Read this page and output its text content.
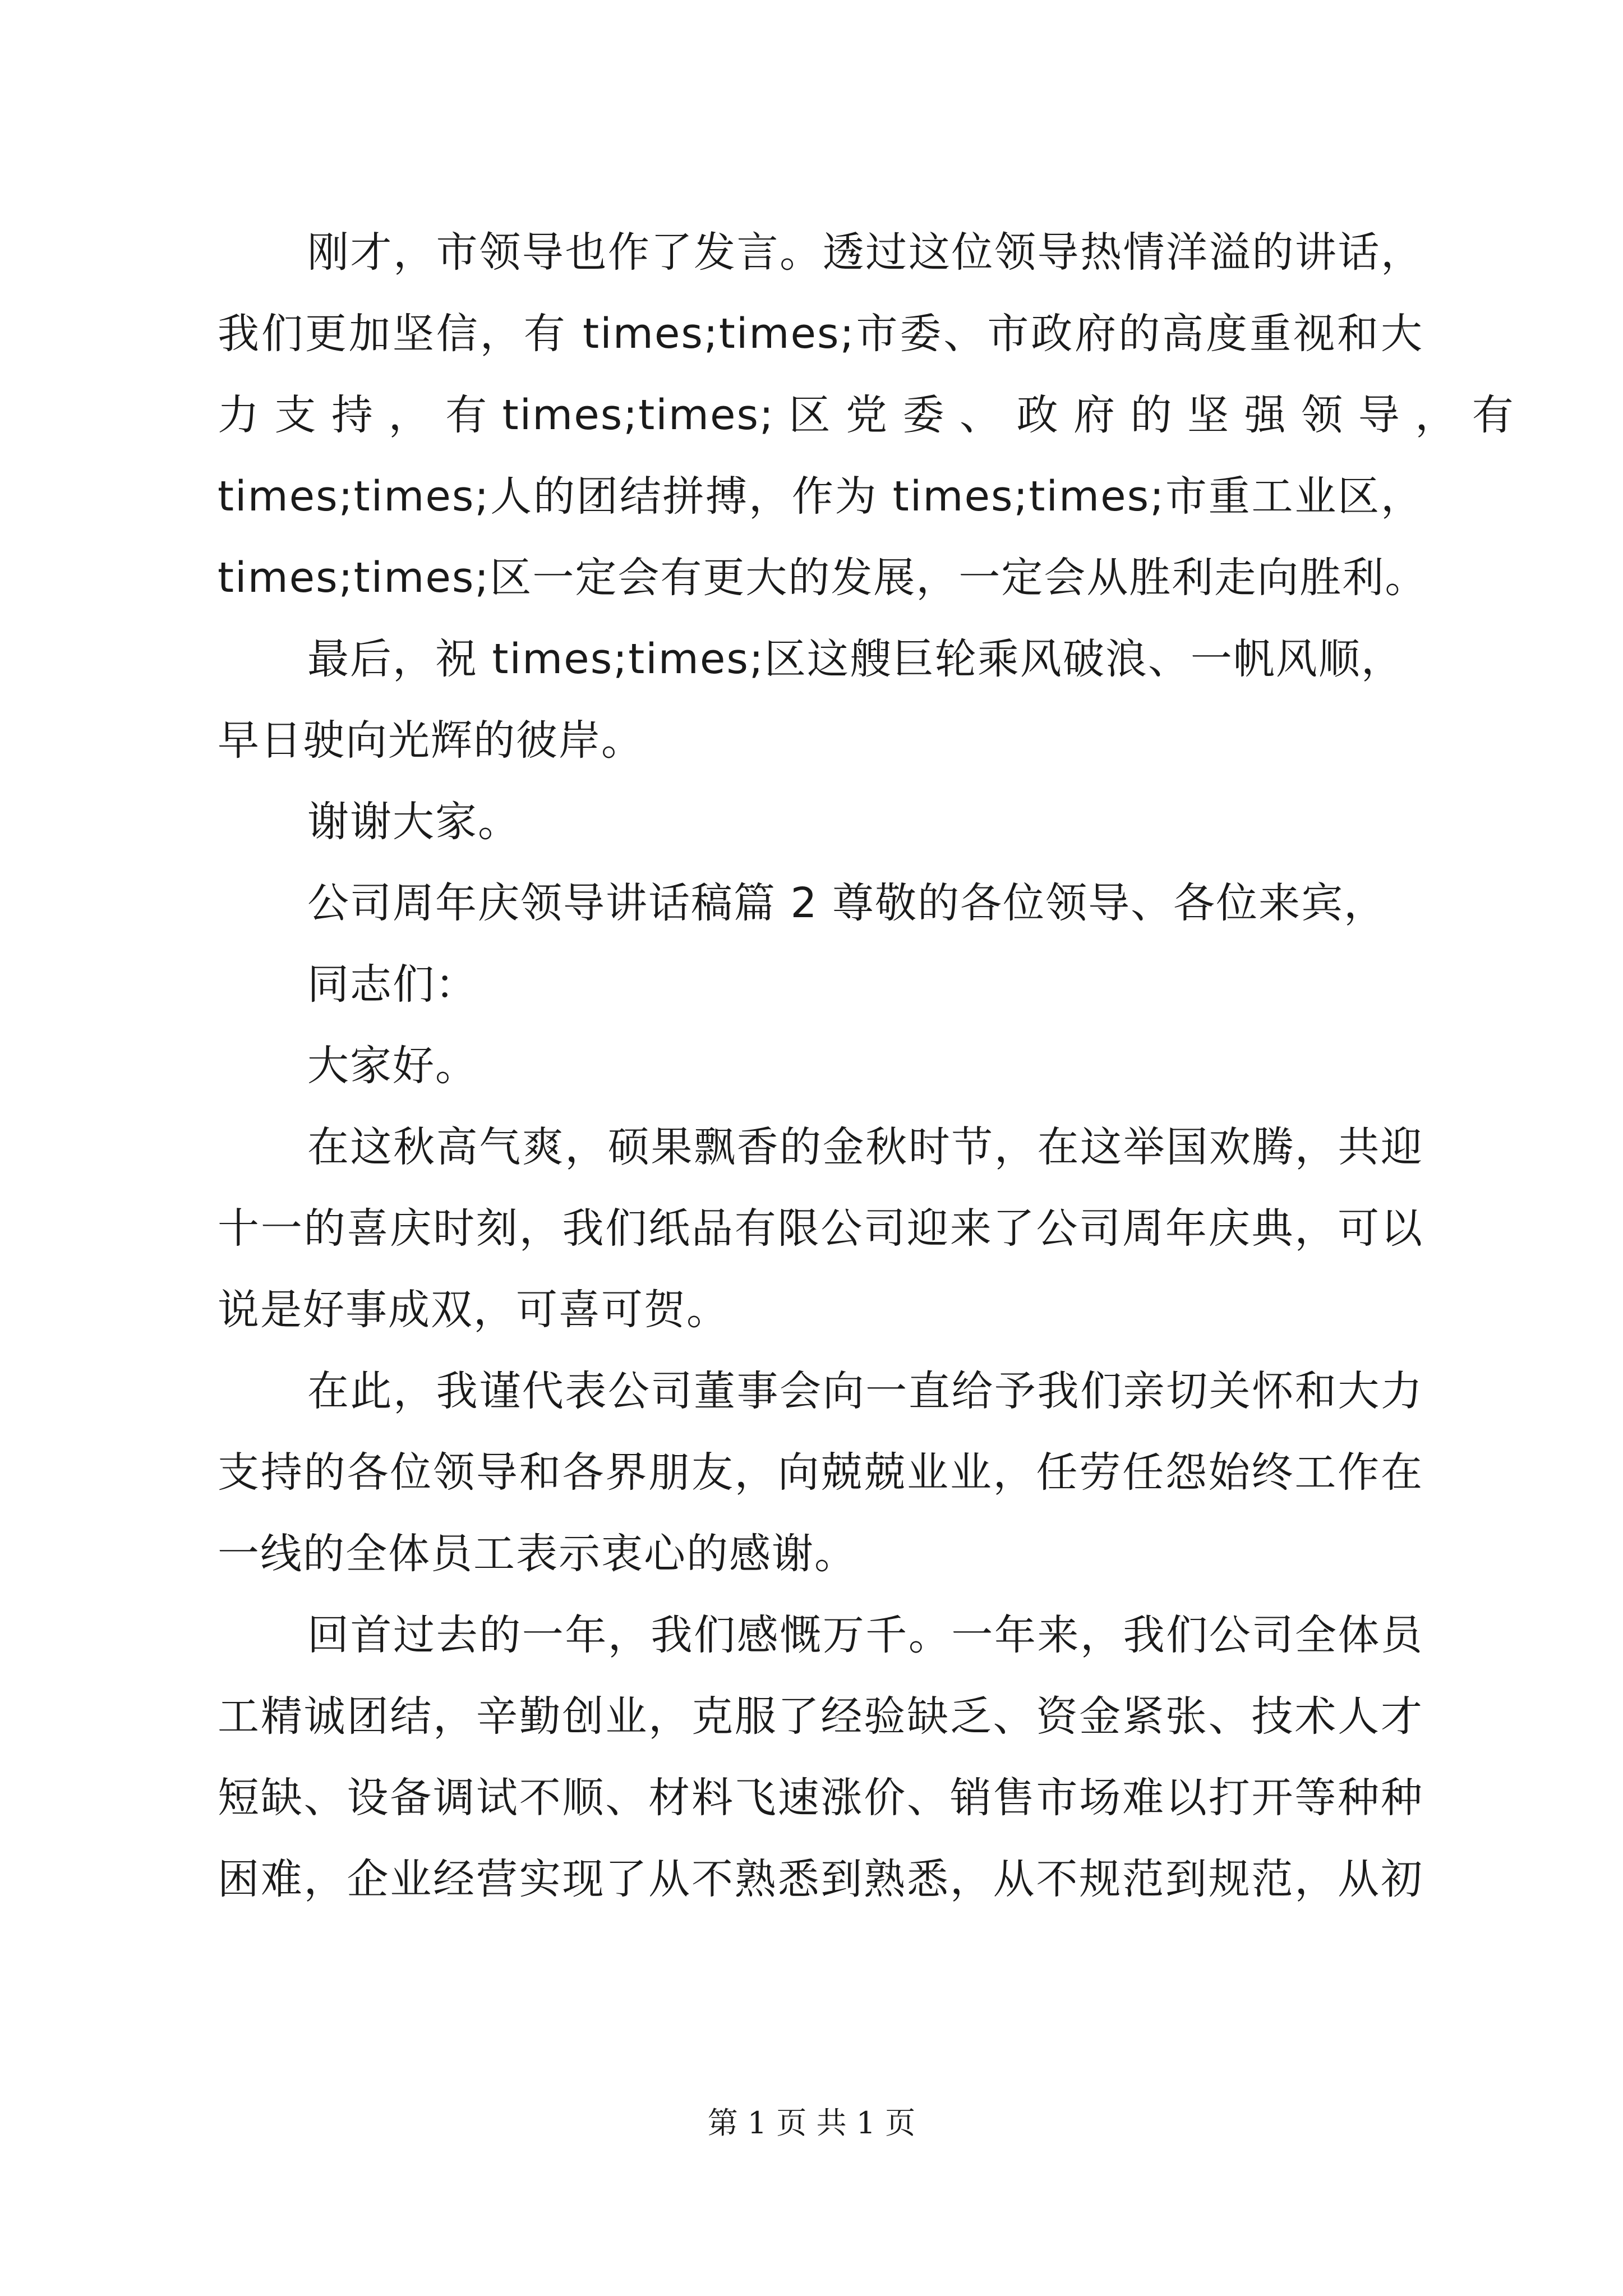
刚才，市领导也作了发言。透过这位领导热情洋溢的讲话，
我们更加坚信，有 times;times;市委、市政府的高度重视和大
力 支 持 ， 有 times;times; 区 党 委 、 政 府 的 坚 强 领 导 ， 有
times;times;人的团结拼搏，作为 times;times;市重工业区，
times;times;区一定会有更大的发展，一定会从胜利走向胜利。
最后，祝 times;times;区这艘巨轮乘风破浪、一帆风顺，
早日驶向光辉的彼岸。
谢谢大家。
公司周年庆领导讲话稿篇 2 尊敬的各位领导、各位来宾，
同志们：
大家好。
在这秋高气爽，硕果飘香的金秋时节，在这举国欢腾，共迎
十一的喜庆时刻，我们纸品有限公司迎来了公司周年庆典，可以
说是好事成双，可喜可贺。
在此，我谨代表公司董事会向一直给予我们亲切关怀和大力
支持的各位领导和各界朋友，向兢兢业业，任劳任怨始终工作在
一线的全体员工表示衷心的感谢。
回首过去的一年，我们感慨万千。一年来，我们公司全体员
工精诚团结，辛勤创业，克服了经验缺乏、资金紧张、技术人才
短缺、设备调试不顺、材料飞速涨价、销售市场难以打开等种种
困难，企业经营实现了从不熟悉到熟悉，从不规范到规范，从初
第 1 页 共 1 页
